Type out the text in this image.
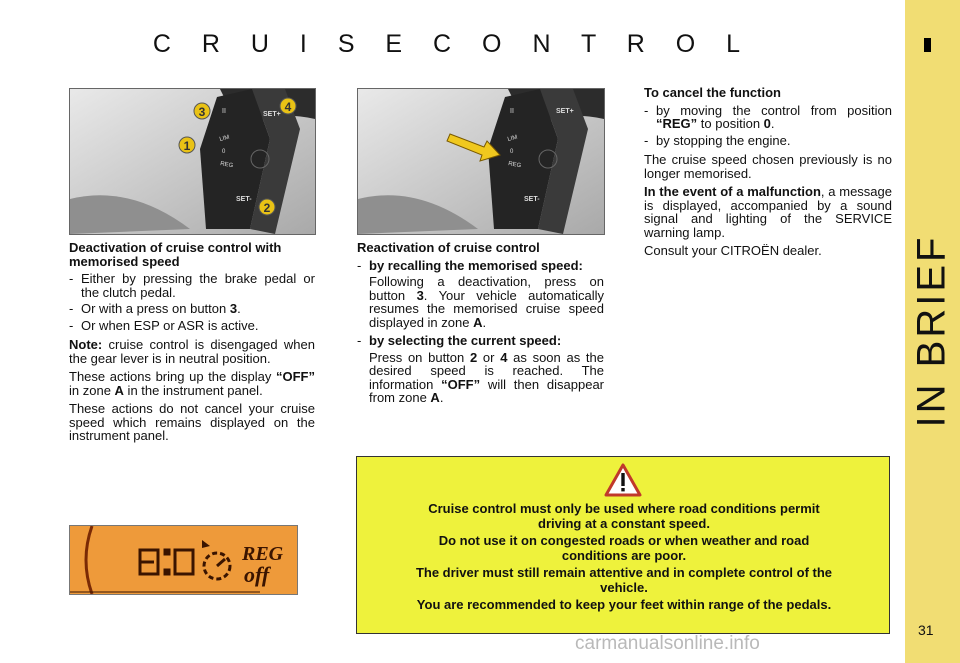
IN BRIEF
C R U I S E C O N T R O L
31
II
LIM
0
REG
SET+
SET-
1
2
3	4	II
LIM
0
REG
SET+
SET-

Deactivation of cruise control with memorised speed

- Either by pressing the brake pedal or the clutch pedal.
- Or with a press on button 3.
- Or when ESP or ASR is active.

Note: cruise control is disengaged when the gear lever is in neutral position.

These actions bring up the display “OFF” in zone A in the instrument panel.

These actions do not cancel your cruise speed which remains displayed on the instrument panel.

Reactivation of cruise control

- by recalling the memorised speed:

Following a deactivation, press on button 3. Your vehicle automatically resumes the memorised cruise speed displayed in zone A.

- by selecting the current speed:

Press on button 2 or 4 as soon as the desired speed is reached. The information “OFF” will then disappear from zone A.

To cancel the function

- by moving the control from position “REG” to position 0.
- by stopping the engine.

The cruise speed chosen previously is no longer memorised.

In the event of a malfunction, a message is displayed, accompanied by a sound signal and lighting of the SERVICE warning lamp.

Consult your CITROËN dealer.

REG
off

Cruise control must only be used where road conditions permit driving at a constant speed.

Do not use it on congested roads or when weather and road conditions are poor.

The driver must still remain attentive and in complete control of the vehicle.

You are recommended to keep your feet within range of the pedals.

carmanualsonline.info
